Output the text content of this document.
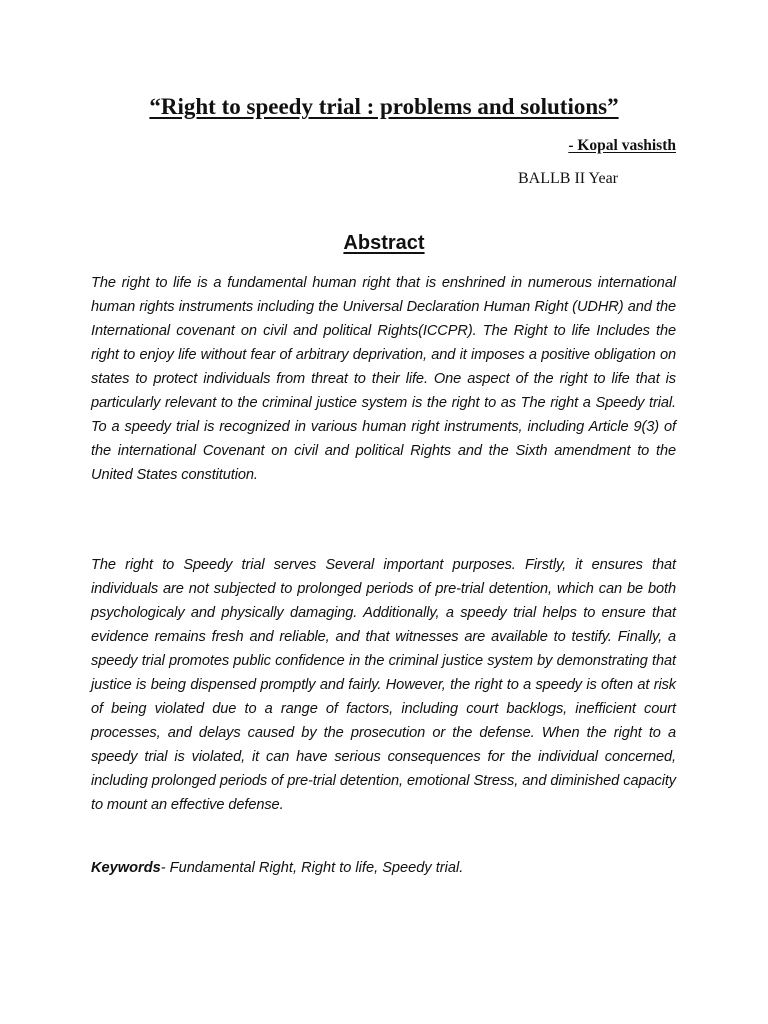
“Right to speedy trial : problems and solutions”
- Kopal vashisth
BALLB II Year
Abstract

The right to life is a fundamental human right that is enshrined in numerous international human rights instruments including the Universal Declaration Human Right (UDHR) and the International covenant on civil and political Rights(ICCPR). The Right to life Includes the right to enjoy life without fear of arbitrary deprivation, and it imposes a positive obligation on states to protect individuals from threat to their life. One aspect of the right to life that is particularly relevant to the criminal justice system is the right to as The right a Speedy trial. To a speedy trial is recognized in various human right instruments, including Article 9(3) of the international Covenant on civil and political Rights and the Sixth amendment to the United States constitution.

The right to Speedy trial serves Several important purposes. Firstly, it ensures that individuals are not subjected to prolonged periods of pre-trial detention, which can be both psychologicaly and physically damaging. Additionally, a speedy trial helps to ensure that evidence remains fresh and reliable, and that witnesses are available to testify. Finally, a speedy trial promotes public confidence in the criminal justice system by demonstrating that justice is being dispensed promptly and fairly. However, the right to a speedy is often at risk of being violated due to a range of factors, including court backlogs, inefficient court processes, and delays caused by the prosecution or the defense. When the right to a speedy trial is violated, it can have serious consequences for the individual concerned, including prolonged periods of pre-trial detention, emotional Stress, and diminished capacity to mount an effective defense.

Keywords- Fundamental Right, Right to life, Speedy trial.
